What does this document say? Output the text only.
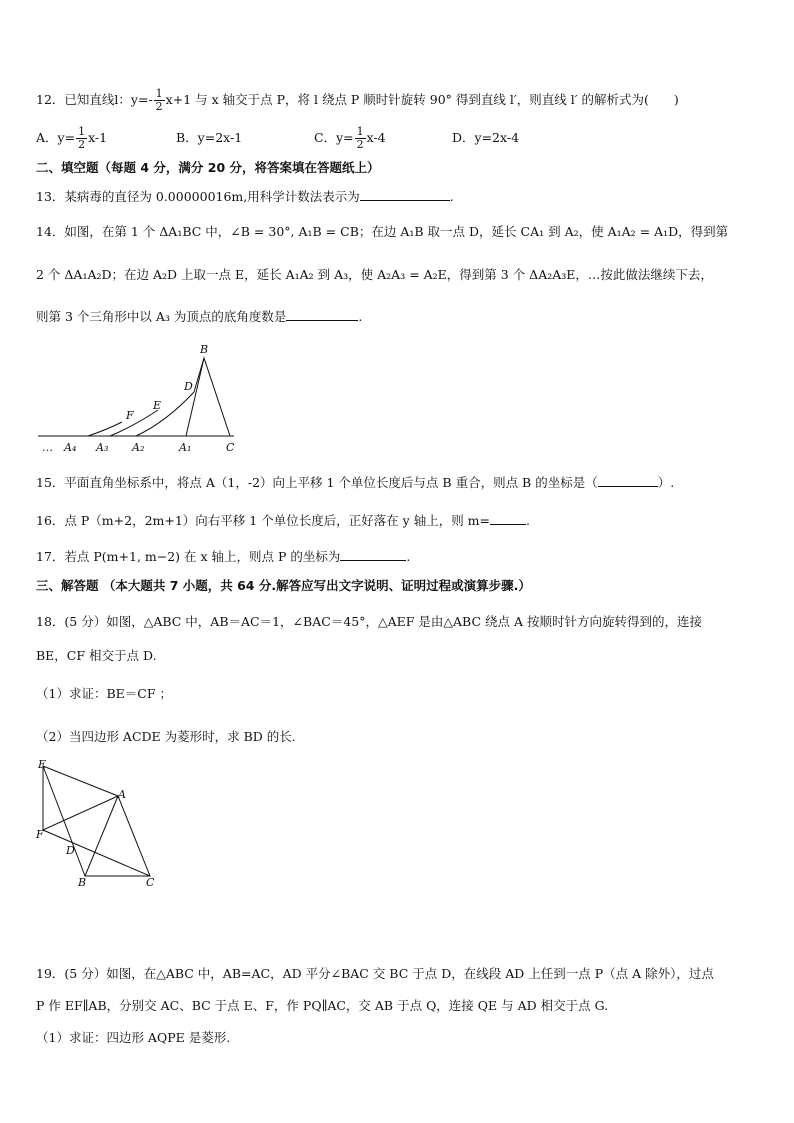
12．已知直线l：$y=- \frac{1}{2} x+1$ 与 x 轴交于点 P，将 l 绕点 P 顺时针旋转 90° 得到直线 l′，则直线 l′ 的解析式为(　　)
A．$y= \frac{1}{2} x-1$	B．y=2x-1	C．$y= \frac{1}{2} x-4$	D．y=2x-4
二、填空题（每题 4 分，满分 20 分，将答案填在答题纸上）
13．某病毒的直径为 0.00000016m,用科学计数法表示为	.
14．如图，在第 1 个 ΔA₁BC 中，∠B = 30°, A₁B = CB；在边 A₁B 取一点 D，延长 CA₁ 到 A₂，使 A₁A₂ = A₁D，得到第
2 个 ΔA₁A₂D；在边 A₂D 上取一点 E，延长 A₁A₂ 到 A₃，使 A₂A₃ = A₂E，得到第 3 个 ΔA₂A₃E，…按此做法继续下去，
则第 3 个三角形中以 A₃ 为顶点的底角度数是	.
B
D
E
F
… A₄ A₃ A₂	A₁	C
15．平面直角坐标系中，将点 A（1，-2）向上平移 1 个单位长度后与点 B 重合，则点 B 的坐标是（	）.
16．点 P（m+2，2m+1）向右平移 1 个单位长度后，正好落在 y 轴上，则 m=	.
17．若点 P(m+1, m−2) 在 x 轴上，则点 P 的坐标为	.
三、解答题 （本大题共 7 小题，共 64 分.解答应写出文字说明、证明过程或演算步骤.）
18．(5 分）如图，△ABC 中，AB＝AC＝1，∠BAC＝45°，△AEF 是由△ABC 绕点 A 按顺时针方向旋转得到的，连接
BE，CF 相交于点 D.
（1）求证：BE＝CF ；
（2）当四边形 ACDE 为菱形时，求 BD 的长.
E
A
F
D
B	C
19．(5 分）如图，在△ABC 中，AB=AC，AD 平分∠BAC 交 BC 于点 D，在线段 AD 上任到一点 P（点 A 除外），过点
P 作 EF∥AB，分别交 AC、BC 于点 E、F，作 PQ∥AC，交 AB 于点 Q，连接 QE 与 AD 相交于点 G.
（1）求证：四边形 AQPE 是菱形.
